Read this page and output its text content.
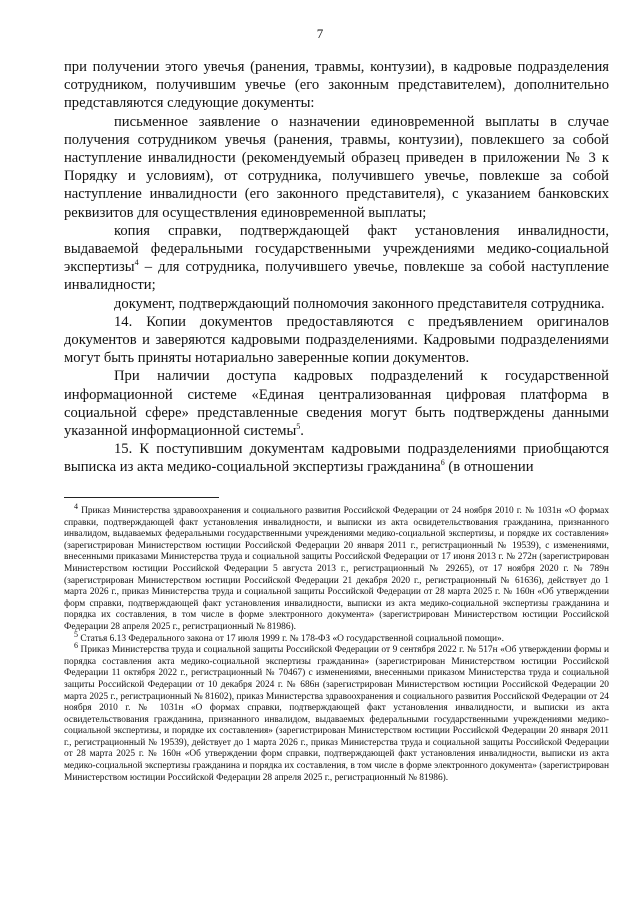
7

при получении этого увечья (ранения, травмы, контузии), в кадровые подразделения сотрудником, получившим увечье (его законным представителем), дополнительно представляются следующие документы:

письменное заявление о назначении единовременной выплаты в случае получения сотрудником увечья (ранения, травмы, контузии), повлекшего за собой наступление инвалидности (рекомендуемый образец приведен в приложении № 3 к Порядку и условиям), от сотрудника, получившего увечье, повлекше за собой наступление инвалидности (его законного представителя), с указанием банковских реквизитов для осуществления единовременной выплаты;

копия справки, подтверждающей факт установления инвалидности, выдаваемой федеральными государственными учреждениями медико-социальной экспертизы$^4$ – для сотрудника, получившего увечье, повлекше за собой наступление инвалидности;

документ, подтверждающий полномочия законного представителя сотрудника.

14. Копии документов предоставляются с предъявлением оригиналов документов и заверяются кадровыми подразделениями. Кадровыми подразделениями могут быть приняты нотариально заверенные копии документов.

При наличии доступа кадровых подразделений к государственной информационной системе «Единая централизованная цифровая платформа в социальной сфере» представленные сведения могут быть подтверждены данными указанной информационной системы$^5$.

15. К поступившим документам кадровыми подразделениями приобщаются выписка из акта медико-социальной экспертизы гражданина$^6$ (в отношении

$^4$ Приказ Министерства здравоохранения и социального развития Российской Федерации от 24 ноября 2010 г. № 1031н «О формах справки, подтверждающей факт установления инвалидности, и выписки из акта освидетельствования гражданина, признанного инвалидом, выдаваемых федеральными государственными учреждениями медико-социальной экспертизы, и порядке их составления» (зарегистрирован Министерством юстиции Российской Федерации 20 января 2011 г., регистрационный № 19539), с изменениями, внесенными приказами Министерства труда и социальной защиты Российской Федерации от 17 июня 2013 г. № 272н (зарегистрирован Министерством юстиции Российской Федерации 5 августа 2013 г., регистрационный № 29265), от 17 ноября 2020 г. № 789н (зарегистрирован Министерством юстиции Российской Федерации 21 декабря 2020 г., регистрационный № 61636), действует до 1 марта 2026 г., приказ Министерства труда и социальной защиты Российской Федерации от 28 марта 2025 г. № 160н «Об утверждении форм справки, подтверждающей факт установления инвалидности, выписки из акта медико-социальной экспертизы гражданина и порядка их составления, в том числе в форме электронного документа» (зарегистрирован Министерством юстиции Российской Федерации 28 апреля 2025 г., регистрационный № 81986).

$^5$ Статья 6.13 Федерального закона от 17 июля 1999 г. № 178-ФЗ «О государственной социальной помощи».

$^6$ Приказ Министерства труда и социальной защиты Российской Федерации от 9 сентября 2022 г. № 517н «Об утверждении формы и порядка составления акта медико-социальной экспертизы гражданина» (зарегистрирован Министерством юстиции Российской Федерации 11 октября 2022 г., регистрационный № 70467) с изменениями, внесенными приказом Министерства труда и социальной защиты Российской Федерации от 10 декабря 2024 г. № 686н (зарегистрирован Министерством юстиции Российской Федерации 20 марта 2025 г., регистрационный № 81602), приказ Министерства здравоохранения и социального развития Российской Федерации от 24 ноября 2010 г. № 1031н «О формах справки, подтверждающей факт установления инвалидности, и выписки из акта освидетельствования гражданина, признанного инвалидом, выдаваемых федеральными государственными учреждениями медико-социальной экспертизы, и порядке их составления» (зарегистрирован Министерством юстиции Российской Федерации 20 января 2011 г., регистрационный № 19539), действует до 1 марта 2026 г., приказ Министерства труда и социальной защиты Российской Федерации от 28 марта 2025 г. № 160н «Об утверждении форм справки, подтверждающей факт установления инвалидности, выписки из акта медико-социальной экспертизы гражданина и порядка их составления, в том числе в форме электронного документа» (зарегистрирован Министерством юстиции Российской Федерации 28 апреля 2025 г., регистрационный № 81986).
